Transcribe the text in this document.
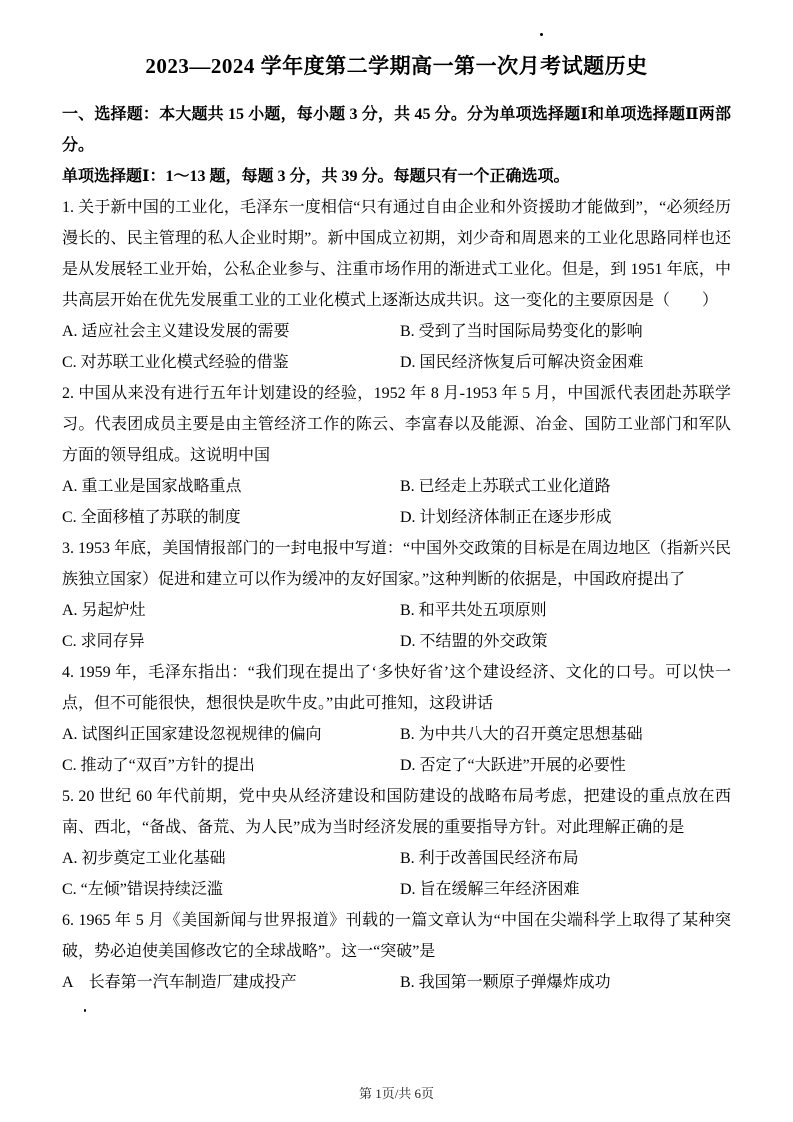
2023—2024 学年度第二学期高一第一次月考试题历史

一、选择题：本大题共 15 小题，每小题 3 分，共 45 分。分为单项选择题Ⅰ和单项选择题Ⅱ两部分。

单项选择题Ⅰ：1～13 题，每题 3 分，共 39 分。每题只有一个正确选项。

1. 关于新中国的工业化，毛泽东一度相信“只有通过自由企业和外资援助才能做到”，“必须经历漫长的、民主管理的私人企业时期”。新中国成立初期，刘少奇和周恩来的工业化思路同样也还是从发展轻工业开始，公私企业参与、注重市场作用的渐进式工业化。但是，到 1951 年底，中共高层开始在优先发展重工业的工业化模式上逐渐达成共识。这一变化的主要原因是（　　）

A. 适应社会主义建设发展的需要	B. 受到了当时国际局势变化的影响
C. 对苏联工业化模式经验的借鉴	D. 国民经济恢复后可解决资金困难

2. 中国从来没有进行五年计划建设的经验，1952 年 8 月-1953 年 5 月，中国派代表团赴苏联学习。代表团成员主要是由主管经济工作的陈云、李富春以及能源、冶金、国防工业部门和军队方面的领导组成。这说明中国

A. 重工业是国家战略重点	B. 已经走上苏联式工业化道路
C. 全面移植了苏联的制度	D. 计划经济体制正在逐步形成

3. 1953 年底，美国情报部门的一封电报中写道：“中国外交政策的目标是在周边地区（指新兴民族独立国家）促进和建立可以作为缓冲的友好国家。”这种判断的依据是，中国政府提出了

A. 另起炉灶	B. 和平共处五项原则
C. 求同存异	D. 不结盟的外交政策

4. 1959 年，毛泽东指出：“我们现在提出了‘多快好省’这个建设经济、文化的口号。可以快一点，但不可能很快，想很快是吹牛皮。”由此可推知，这段讲话

A. 试图纠正国家建设忽视规律的偏向	B. 为中共八大的召开奠定思想基础
C. 推动了“双百”方针的提出	D. 否定了“大跃进”开展的必要性

5. 20 世纪 60 年代前期，党中央从经济建设和国防建设的战略布局考虑，把建设的重点放在西南、西北，“备战、备荒、为人民”成为当时经济发展的重要指导方针。对此理解正确的是

A. 初步奠定工业化基础	B. 利于改善国民经济布局
C. “左倾”错误持续泛滥	D. 旨在缓解三年经济困难

6. 1965 年 5 月《美国新闻与世界报道》刊载的一篇文章认为“中国在尖端科学上取得了某种突破，势必迫使美国修改它的全球战略”。这一“突破”是

A　长春第一汽车制造厂建成投产	B. 我国第一颗原子弹爆炸成功
第 1页/共 6页
